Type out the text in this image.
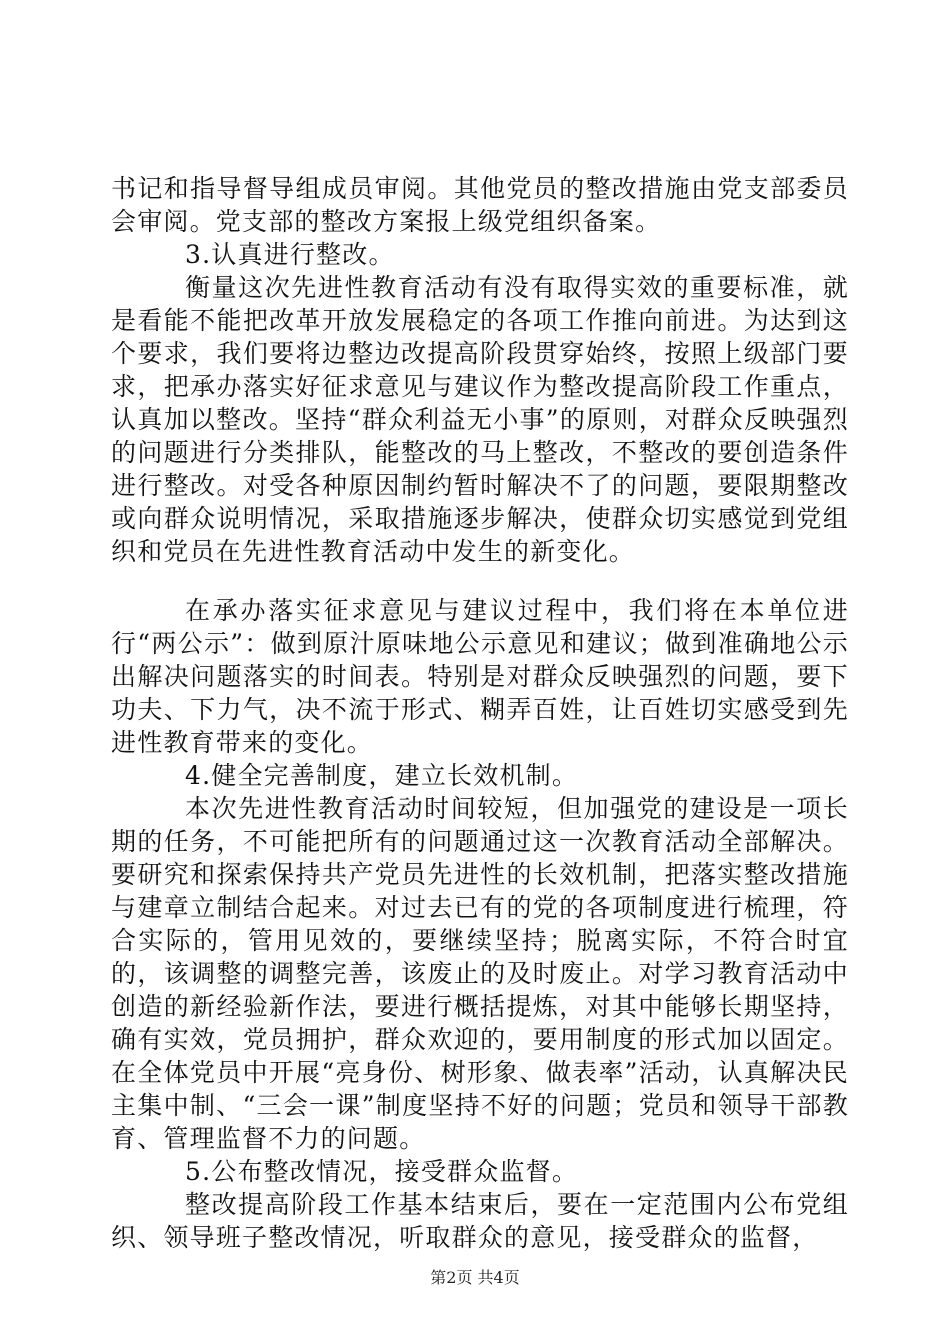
书记和指导督导组成员审阅。其他党员的整改措施由党支部委员会审阅。党支部的整改方案报上级党组织备案。

3.认真进行整改。

衡量这次先进性教育活动有没有取得实效的重要标准，就是看能不能把改革开放发展稳定的各项工作推向前进。为达到这个要求，我们要将边整边改提高阶段贯穿始终，按照上级部门要求，把承办落实好征求意见与建议作为整改提高阶段工作重点，认真加以整改。坚持“群众利益无小事”的原则，对群众反映强烈的问题进行分类排队，能整改的马上整改，不整改的要创造条件进行整改。对受各种原因制约暂时解决不了的问题，要限期整改或向群众说明情况，采取措施逐步解决，使群众切实感觉到党组织和党员在先进性教育活动中发生的新变化。

在承办落实征求意见与建议过程中，我们将在本单位进行“两公示”：做到原汁原味地公示意见和建议；做到准确地公示出解决问题落实的时间表。特别是对群众反映强烈的问题，要下功夫、下力气，决不流于形式、糊弄百姓，让百姓切实感受到先进性教育带来的变化。

4.健全完善制度，建立长效机制。

本次先进性教育活动时间较短，但加强党的建设是一项长期的任务，不可能把所有的问题通过这一次教育活动全部解决。要研究和探索保持共产党员先进性的长效机制，把落实整改措施与建章立制结合起来。对过去已有的党的各项制度进行梳理，符合实际的，管用见效的，要继续坚持；脱离实际，不符合时宜的，该调整的调整完善，该废止的及时废止。对学习教育活动中创造的新经验新作法，要进行概括提炼，对其中能够长期坚持，确有实效，党员拥护，群众欢迎的，要用制度的形式加以固定。在全体党员中开展“亮身份、树形象、做表率”活动，认真解决民主集中制、“三会一课”制度坚持不好的问题；党员和领导干部教育、管理监督不力的问题。

5.公布整改情况，接受群众监督。

整改提高阶段工作基本结束后，要在一定范围内公布党组织、领导班子整改情况，听取群众的意见，接受群众的监督，

第2页 共4页
